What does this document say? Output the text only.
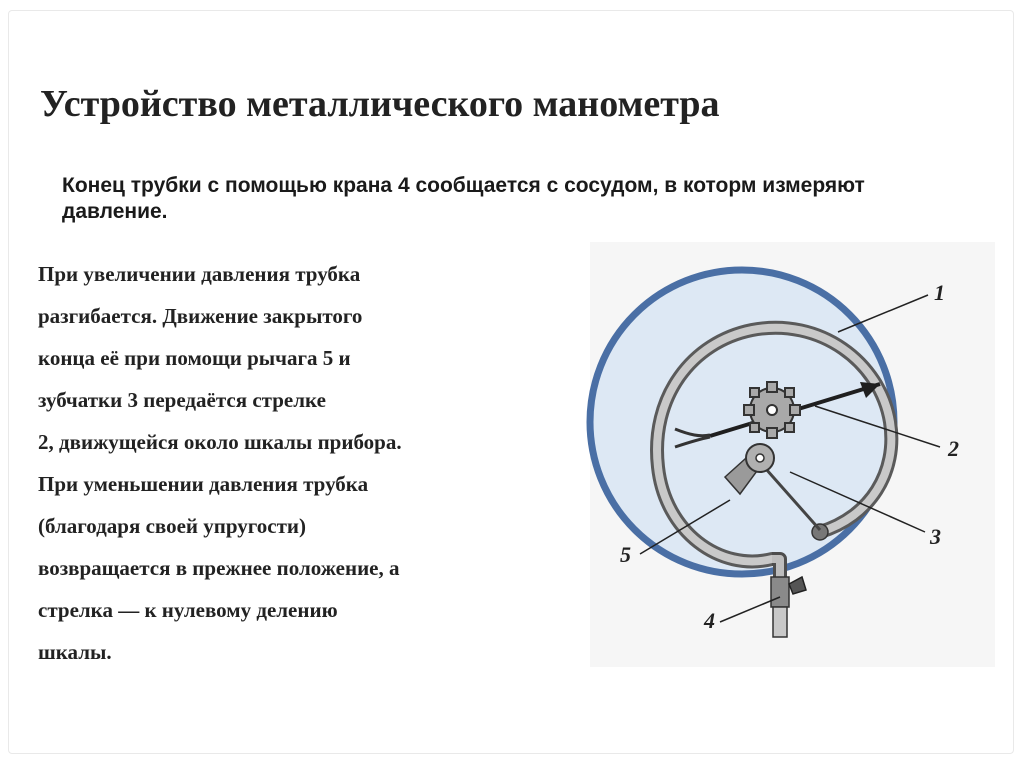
Устройство металлического манометра
Конец трубки с помощью крана 4 сообщается с сосудом, в которм измеряют давление.
При увеличении давления трубка
разгибается. Движение закрытого
конца её при помощи рычага 5 и
зубчатки 3 передаётся стрелке
2, движущейся около шкалы прибора.
При уменьшении давления трубка
(благодаря своей упругости)
возвращается в прежнее положение, а
стрелка — к нулевому делению
шкалы.
1
2
3
4
5
